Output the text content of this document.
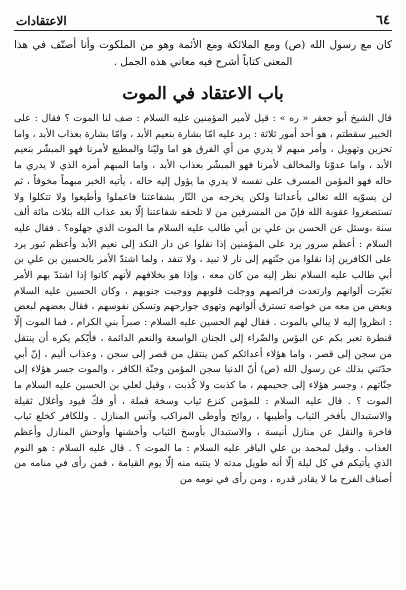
٦٤
الاعتقادات

كان مع رسول الله (ص) ومع الملائكة ومع الأئمة وهو من الملكوت وأنا أصنّف في هذا المعنى كتاباً أشرح فيه معاني هذه الجمل .

باب الاعتقاد في الموت

قال الشيخ أبو جعفر « ره » : قيل لأمير المؤمنين عليه السلام : صف لنا الموت ؟ فقال : على الخبير سقطتم ، هو أحد أمور ثلاثة : يرد عليه امّا بشارة بنعيم الأبد ، وامّا بشارة بعذاب الأبد ، واما تحزين وتهويل ، وأمر مبهم لا يدري من أي الفرق هو اما وليّنا والمطيع لأمرنا فهو المبشّر بنعيم الأبد ، واما عدوّنا والمخالف لأمرنا فهو المبشّر بعذاب الأبد ، واما المبهم أمره الذي لا يدري ما حاله فهو المؤمن المسرف على نفسه لا يدري ما يؤول إليه حاله ، يأتيه الخبر مبهماً مخوفاً ، ثم لن يسوّيه الله تعالى بأعدائنا ولكن يخرجه من النّار بشفاعتنا فاعملوا وأطيعوا ولا تتكلوا ولا تستصغروا عقوبة الله فإنّ من المسرفين من لا تلحقه شفاعتنا إلّا بعد عذاب الله بثلاث مائة ألف سنة ،وسئل عن الحسن بن علي بن أبي طالب عليه السلام ما الموت الذي جهلوه؟ . فقال عليه السلام : أعظم سرور يرد على المؤمنين إذا نقلوا عن دار النكد إلى نعيم الأبد وأعظم ثبور يرد على الكافرين إذا نقلوا من جنّتهم إلى نار لا تبيد ، ولا تنفد ، ولما اشتدّ الأمر بالحسين بن علي بن أبي طالب عليه السلام نظر إليه من كان معه ، وإذا هو بخلافهم لأنهم كانوا إذا اشتدّ بهم الأمر تغيّرت ألوانهم وارتعدت فرائصهم ووجلت قلوبهم ووجبت جنوبهم ، وكان الحسين عليه السلام وبعض من معه من خواصه تسترق ألوانهم وتهوى جوارحهم وتسكن نفوسهم ، فقال بعضهم لبعض : انظروا إليه لا يبالي بالموت . فقال لهم الحسين عليه السلام : صبراً بني الكرام ، فما الموت إلّا قنطرة تعبر بكم عن البؤس والضّراء إلى الجنان الواسعة والنعم الدائمة ، فأيّكم يكره أن ينتقل من سجن إلى قصر ، واما هؤلاء أعدائكم كمن ينتقل من قصر إلى سجن ، وعذاب أليم ، إنّ أبي حدّثني بذلك عن رسول الله (ص) أنّ الدنيا سجن المؤمن وجنّة الكافر ، والموت جسر هؤلاء إلى جنّاتهم ، وجسر هؤلاء إلى جحيمهم ، ما كذبت ولا كُذبت ، وقيل لعلي بن الحسين عليه السلام ما الموت ؟ . قال عليه السلام : للمؤمن كنزع ثياب وسخة قملة ، أو فكّ قيود وأغلال ثقيلة والاستبدال بأفخر الثياب وأطيبها ، روائح وأوطى المراكب وآنس المنازل . وللكافر كخلع ثياب فاخرة والنقل عن منازل أنيسة ، والاستبدال بأوسخ الثياب وأخشنها وأوحش المنازل وأعظم العذاب . وقيل لمحمد بن علي الباقر عليه السلام : ما الموت ؟ . قال عليه السلام : هو النوم الذي يأتيكم في كل ليلة إلّا أنه طويل مدته لا ينتبه منه إلّا يوم القيامة ، فمن رأى في منامه من أصناف الفرح ما لا يقادر قدره ، ومن رأى في نومه من
